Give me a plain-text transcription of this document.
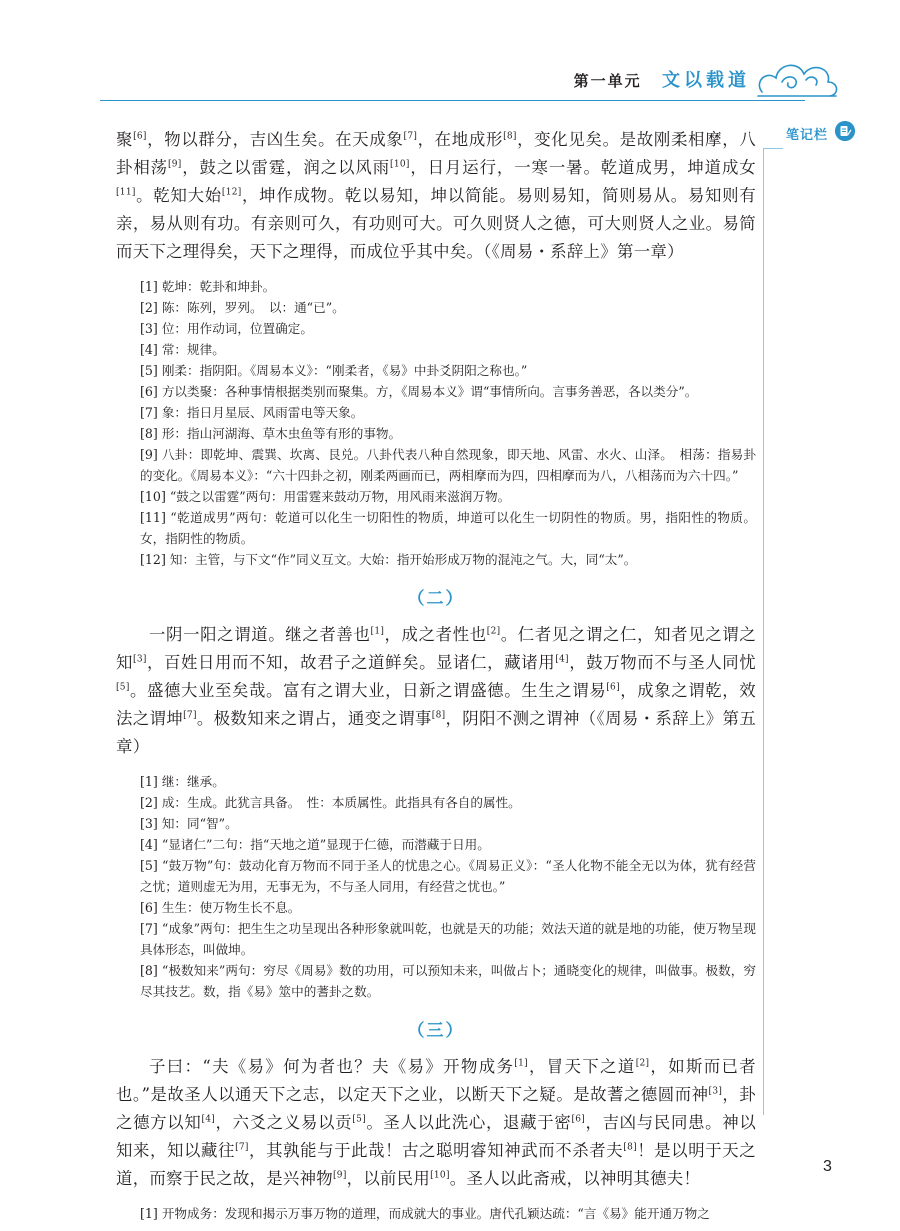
第一单元 文以载道
笔记栏

聚[6]，物以群分，吉凶生矣。在天成象[7]，在地成形[8]，变化见矣。是故刚柔相摩，八卦相荡[9]，鼓之以雷霆，润之以风雨[10]，日月运行，一寒一暑。乾道成男，坤道成女[11]。乾知大始[12]，坤作成物。乾以易知，坤以简能。易则易知，简则易从。易知则有亲，易从则有功。有亲则可久，有功则可大。可久则贤人之德，可大则贤人之业。易简而天下之理得矣，天下之理得，而成位乎其中矣。（《周易・系辞上》第一章）

[1] 乾坤：乾卦和坤卦。
[2] 陈：陈列，罗列。　以：通“已”。
[3] 位：用作动词，位置确定。
[4] 常：规律。
[5] 刚柔：指阴阳。《周易本义》：“刚柔者，《易》中卦爻阴阳之称也。”
[6] 方以类聚：各种事情根据类别而聚集。方，《周易本义》谓“事情所向。言事务善恶，各以类分”。
[7] 象：指日月星辰、风雨雷电等天象。
[8] 形：指山河湖海、草木虫鱼等有形的事物。
[9] 八卦：即乾坤、震巽、坎离、艮兑。八卦代表八种自然现象，即天地、风雷、水火、山泽。　相荡：指易卦的变化。《周易本义》：“六十四卦之初，刚柔两画而已，两相摩而为四，四相摩而为八，八相荡而为六十四。”
[10] “鼓之以雷霆”两句：用雷霆来鼓动万物，用风雨来滋润万物。
[11] “乾道成男”两句：乾道可以化生一切阳性的物质，坤道可以化生一切阴性的物质。男，指阳性的物质。女，指阴性的物质。
[12] 知：主管，与下文“作”同义互文。大始：指开始形成万物的混沌之气。大，同“太”。
（二）

一阴一阳之谓道。继之者善也[1]，成之者性也[2]。仁者见之谓之仁，知者见之谓之知[3]，百姓日用而不知，故君子之道鲜矣。显诸仁，藏诸用[4]，鼓万物而不与圣人同忧[5]。盛德大业至矣哉。富有之谓大业，日新之谓盛德。生生之谓易[6]，成象之谓乾，效法之谓坤[7]。极数知来之谓占，通变之谓事[8]，阴阳不测之谓神（《周易・系辞上》第五章）

[1] 继：继承。
[2] 成：生成。此犹言具备。　性：本质属性。此指具有各自的属性。
[3] 知：同“智”。
[4] “显诸仁”二句：指“天地之道”显现于仁德，而潜藏于日用。
[5] “鼓万物”句：鼓动化育万物而不同于圣人的忧患之心。《周易正义》：“圣人化物不能全无以为体，犹有经营之忧；道则虚无为用，无事无为，不与圣人同用，有经营之忧也。”
[6] 生生：使万物生长不息。
[7] “成象”两句：把生生之功呈现出各种形象就叫乾，也就是天的功能；效法天道的就是地的功能，使万物呈现具体形态，叫做坤。
[8] “极数知来”两句：穷尽《周易》数的功用，可以预知未来，叫做占卜；通晓变化的规律，叫做事。极数，穷尽其技艺。数，指《易》筮中的蓍卦之数。
（三）

子曰：“夫《易》何为者也？夫《易》开物成务[1]，冒天下之道[2]，如斯而已者也。”是故圣人以通天下之志，以定天下之业，以断天下之疑。是故蓍之德圆而神[3]，卦之德方以知[4]，六爻之义易以贡[5]。圣人以此洗心，退藏于密[6]，吉凶与民同患。神以知来，知以藏往[7]，其孰能与于此哉！古之聪明睿知神武而不杀者夫[8]！是以明于天之道，而察于民之故，是兴神物[9]，以前民用[10]。圣人以此斋戒，以神明其德夫！

[1] 开物成务：发现和揭示万事万物的道理，而成就大的事业。唐代孔颖达疏：“言《易》能开通万物之
3
